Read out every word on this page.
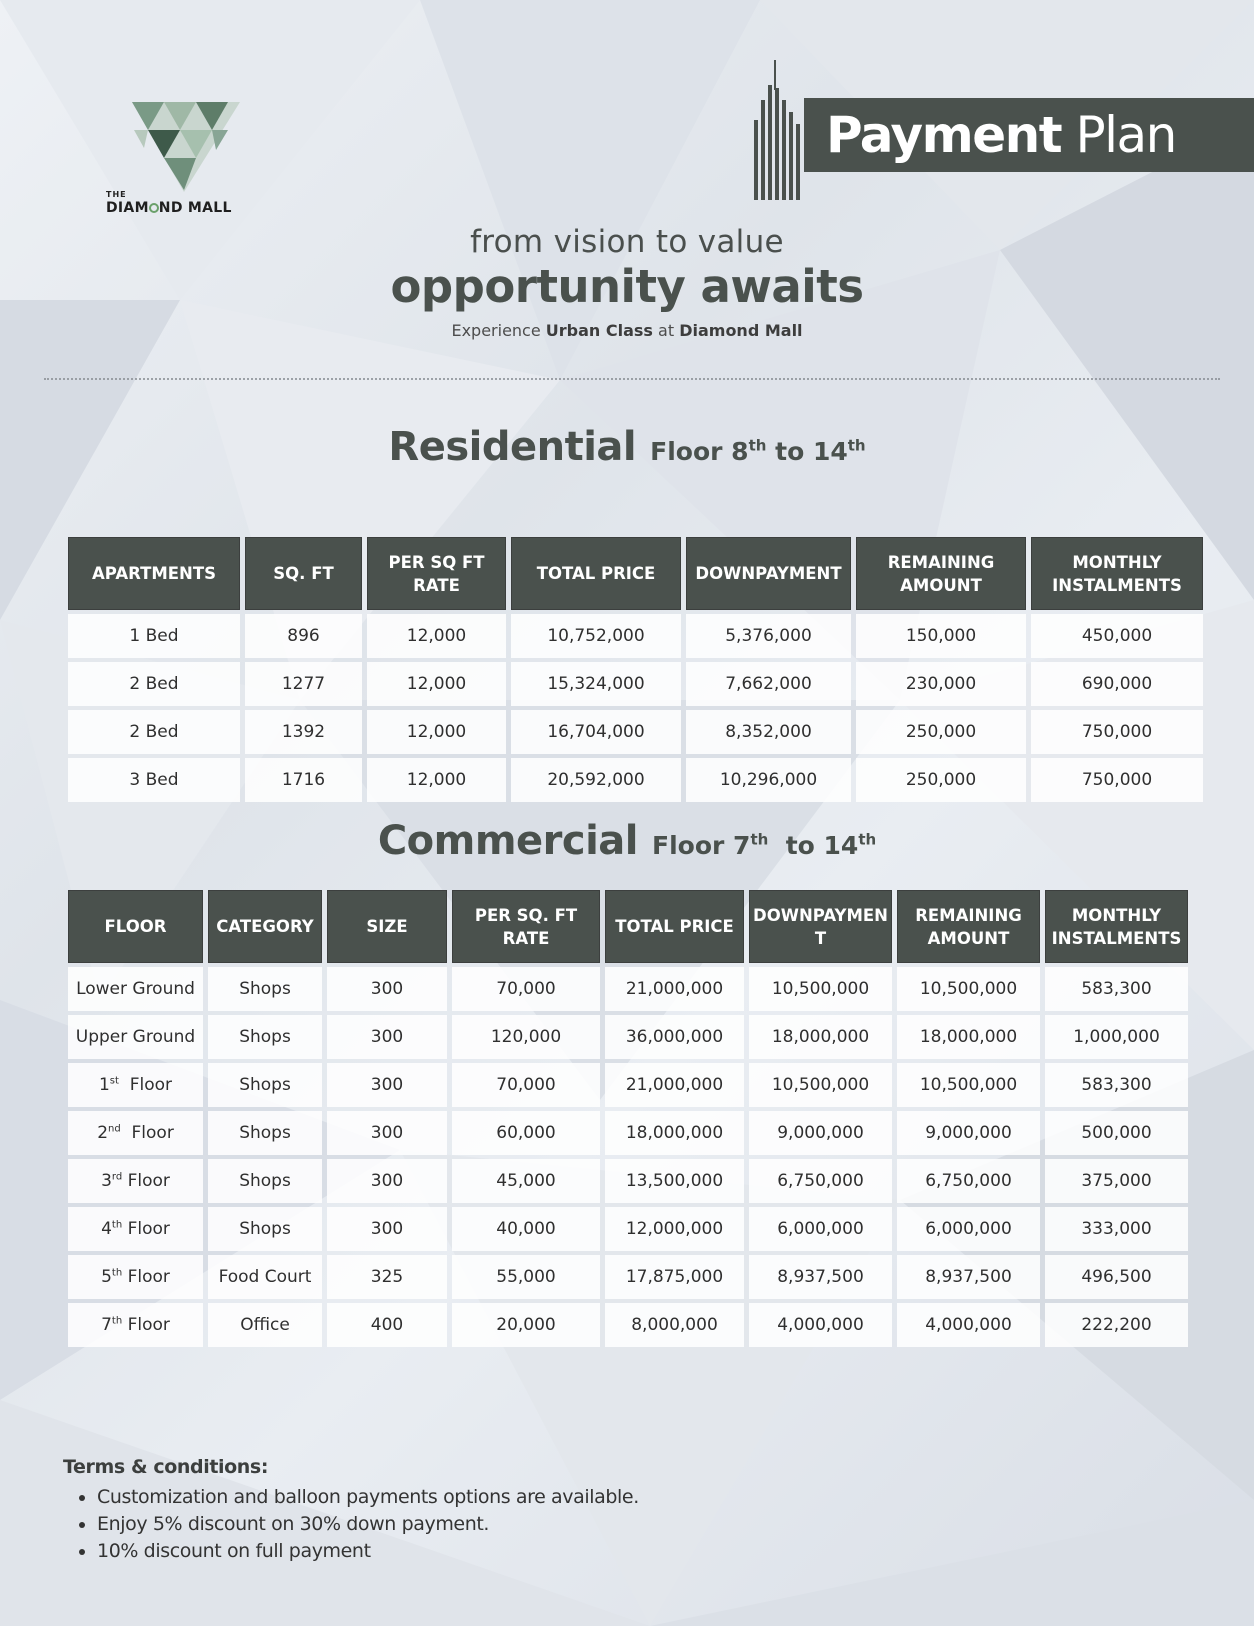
THE
DIAM ND MALL
Payment Plan
from vision to value
opportunity awaits
Experience Urban Class at Diamond Mall
Residential Floor 8th to 14th
APARTMENTS	SQ. FT	PER SQ FT RATE	TOTAL PRICE	DOWNPAYMENT	REMAINING AMOUNT	MONTHLY INSTALMENTS
1 Bed	896	12,000	10,752,000	5,376,000	150,000	450,000
2 Bed	1277	12,000	15,324,000	7,662,000	230,000	690,000
2 Bed	1392	12,000	16,704,000	8,352,000	250,000	750,000
3 Bed	1716	12,000	20,592,000	10,296,000	250,000	750,000
Commercial Floor 7th  to 14th
FLOOR	CATEGORY	SIZE	PER SQ. FT RATE	TOTAL PRICE	DOWNPAYMEN T	REMAINING AMOUNT	MONTHLY INSTALMENTS
Lower Ground	Shops	300	70,000	21,000,000	10,500,000	10,500,000	583,300
Upper Ground	Shops	300	120,000	36,000,000	18,000,000	18,000,000	1,000,000
1st  Floor	Shops	300	70,000	21,000,000	10,500,000	10,500,000	583,300
2nd  Floor	Shops	300	60,000	18,000,000	9,000,000	9,000,000	500,000
3rd Floor	Shops	300	45,000	13,500,000	6,750,000	6,750,000	375,000
4th Floor	Shops	300	40,000	12,000,000	6,000,000	6,000,000	333,000
5th Floor	Food Court	325	55,000	17,875,000	8,937,500	8,937,500	496,500
7th Floor	Office	400	20,000	8,000,000	4,000,000	4,000,000	222,200
Terms & conditions:
• Customization and balloon payments options are available.
• Enjoy 5% discount on 30% down payment.
• 10% discount on full payment
